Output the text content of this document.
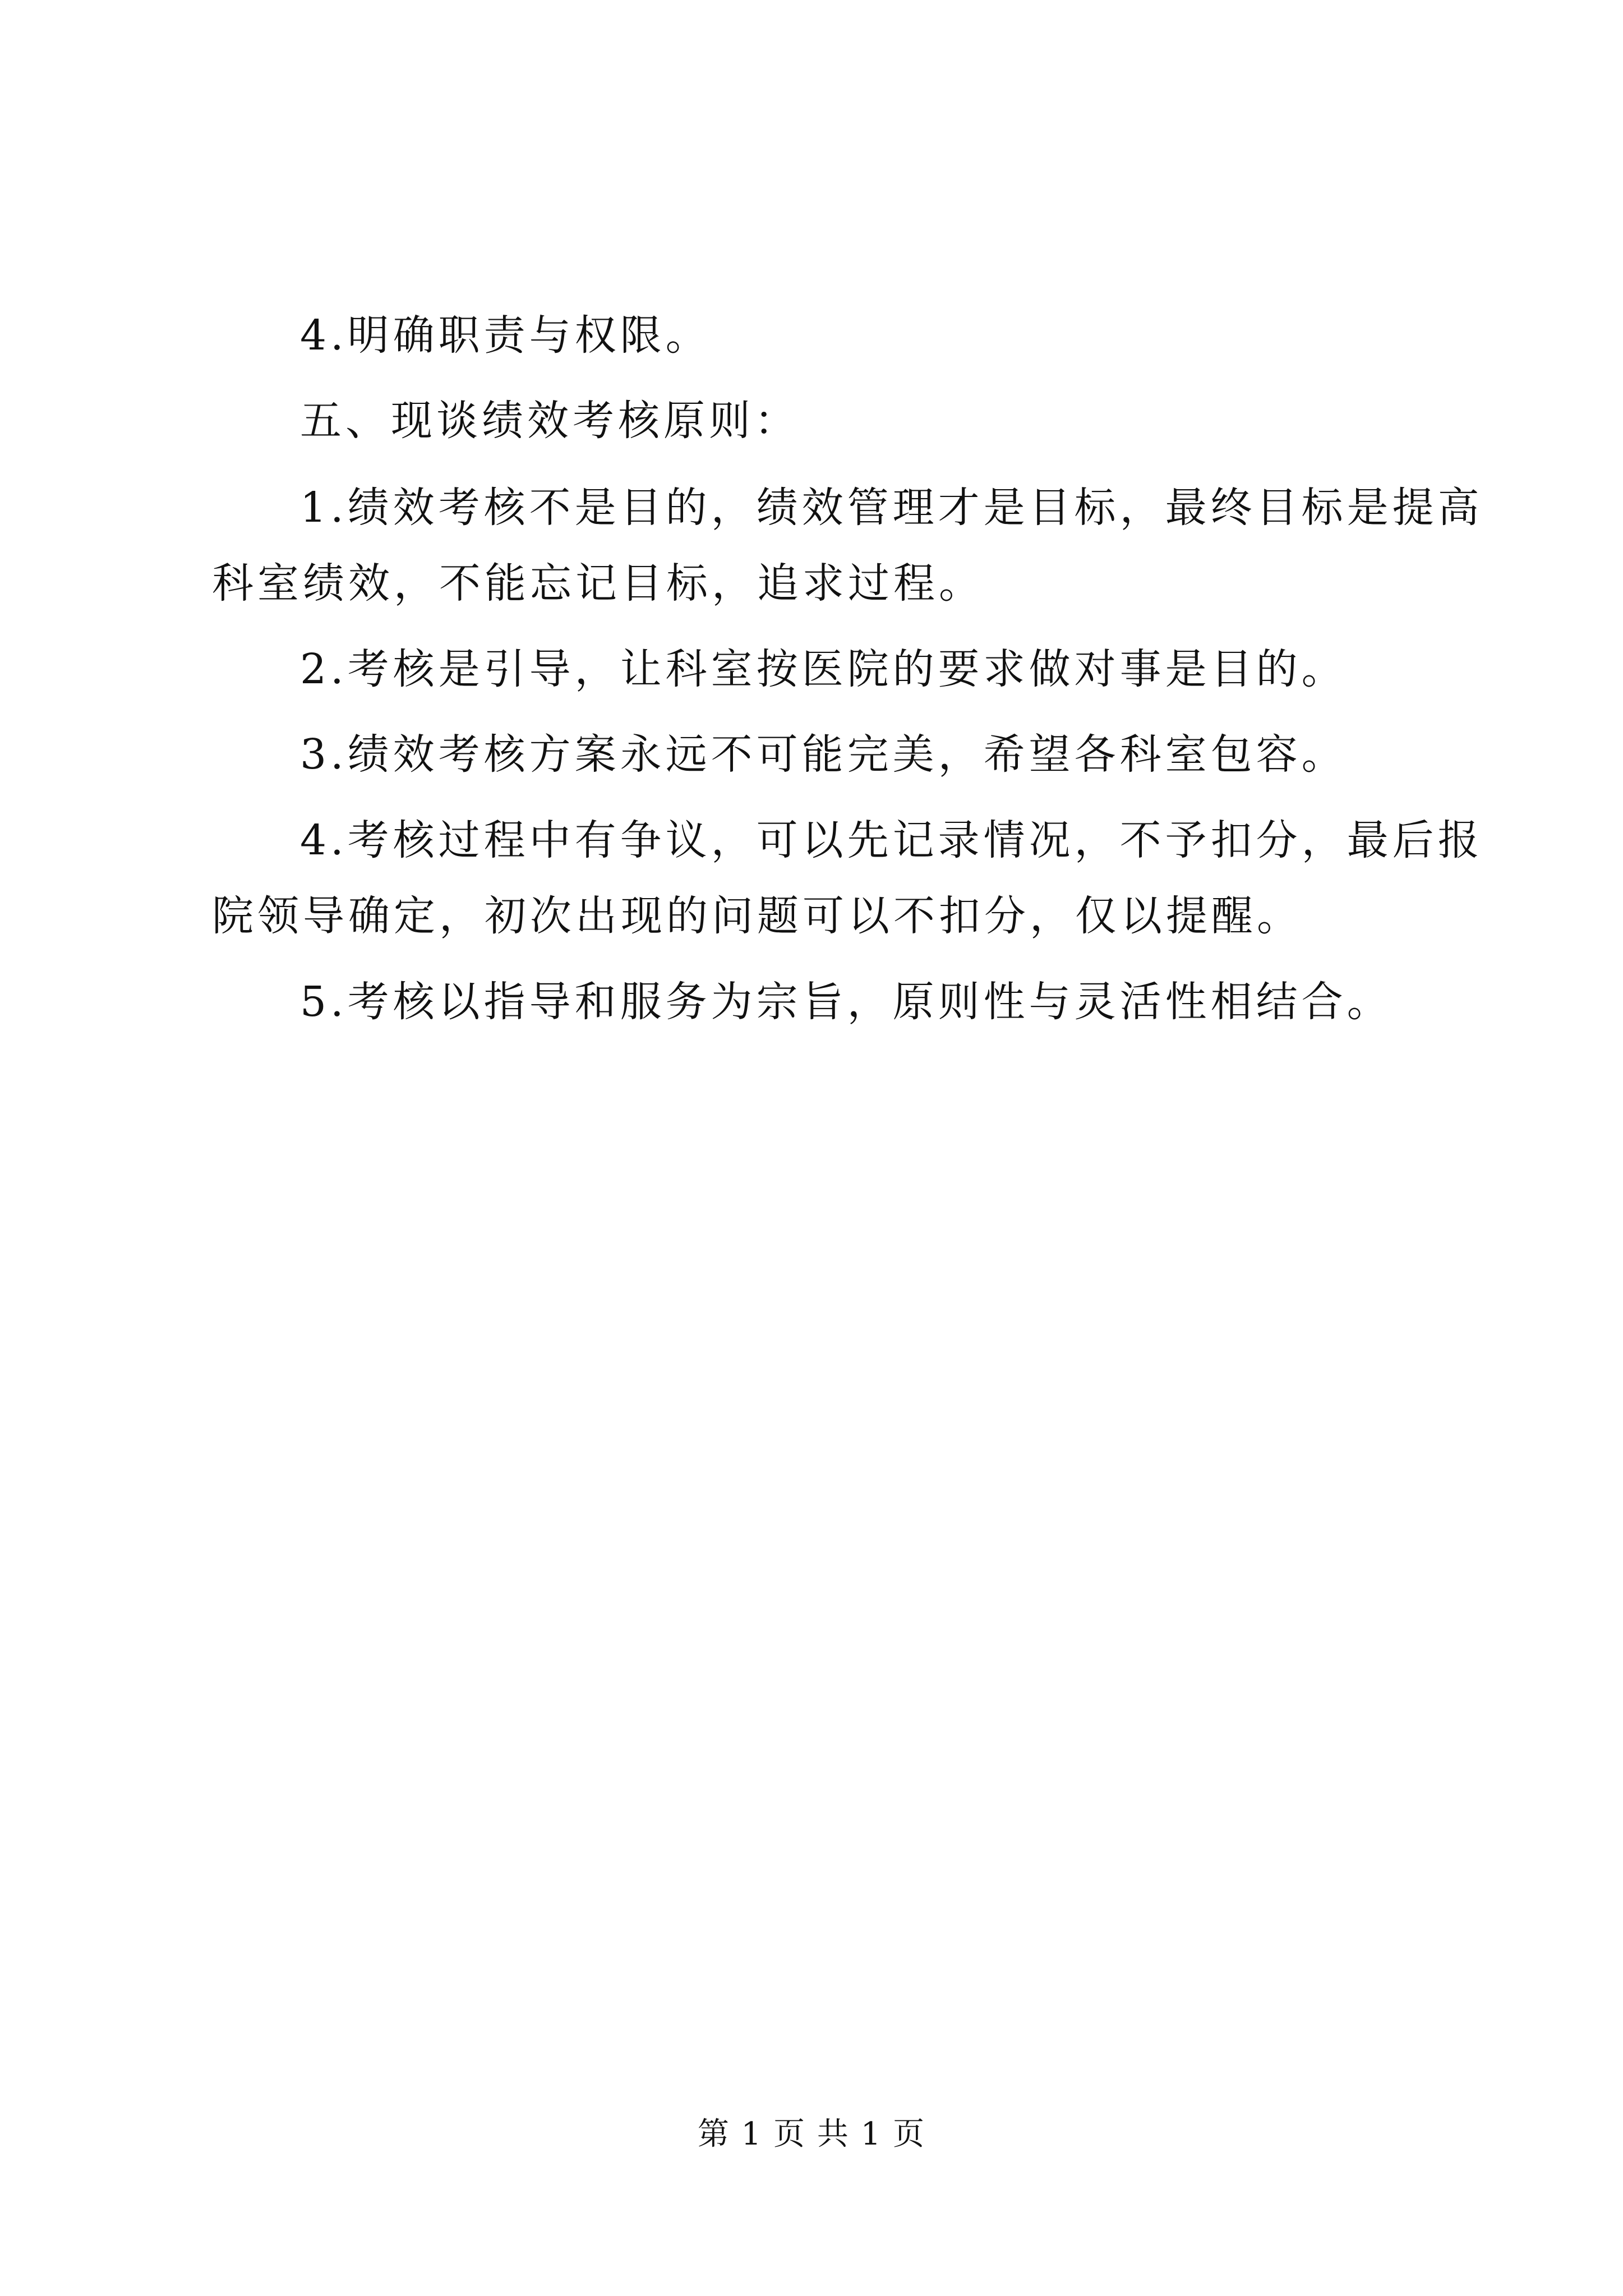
4.明确职责与权限。
五、现谈绩效考核原则：
1.绩效考核不是目的，绩效管理才是目标，最终目标是提高
科室绩效，不能忘记目标，追求过程。
2.考核是引导，让科室按医院的要求做对事是目的。
3.绩效考核方案永远不可能完美，希望各科室包容。
4.考核过程中有争议，可以先记录情况，不予扣分，最后报
院领导确定，初次出现的问题可以不扣分，仅以提醒。
5.考核以指导和服务为宗旨，原则性与灵活性相结合。
第 1 页 共 1 页
